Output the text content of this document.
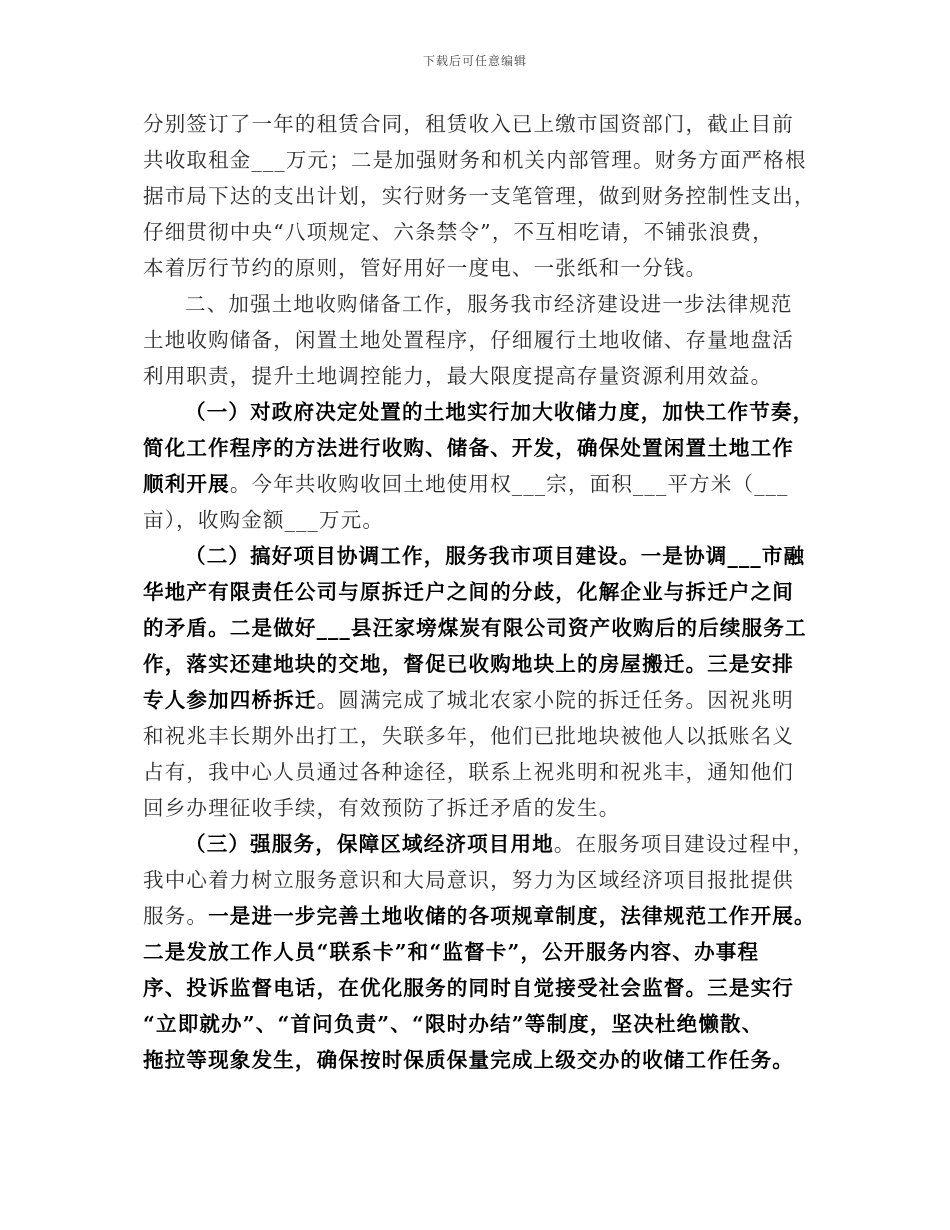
下载后可任意编辑
分别签订了一年的租赁合同，租赁收入已上缴市国资部门，截止目前
共收取租金___万元；二是加强财务和机关内部管理。财务方面严格根
据市局下达的支出计划，实行财务一支笔管理，做到财务控制性支出，
仔细贯彻中央“八项规定、六条禁令”，不互相吃请，不铺张浪费，
本着厉行节约的原则，管好用好一度电、一张纸和一分钱。
二、加强土地收购储备工作，服务我市经济建设进一步法律规范
土地收购储备，闲置土地处置程序，仔细履行土地收储、存量地盘活
利用职责，提升土地调控能力，最大限度提高存量资源利用效益。
（一）对政府决定处置的土地实行加大收储力度，加快工作节奏，
简化工作程序的方法进行收购、储备、开发，确保处置闲置土地工作
顺利开展。今年共收购收回土地使用权___宗，面积___平方米（___
亩），收购金额___万元。
（二）搞好项目协调工作，服务我市项目建设。一是协调___市融
华地产有限责任公司与原拆迁户之间的分歧，化解企业与拆迁户之间
的矛盾。二是做好___县汪家塝煤炭有限公司资产收购后的后续服务工
作，落实还建地块的交地，督促已收购地块上的房屋搬迁。三是安排
专人参加四桥拆迁。圆满完成了城北农家小院的拆迁任务。因祝兆明
和祝兆丰长期外出打工，失联多年，他们已批地块被他人以抵账名义
占有，我中心人员通过各种途径，联系上祝兆明和祝兆丰，通知他们
回乡办理征收手续，有效预防了拆迁矛盾的发生。
（三）强服务，保障区域经济项目用地。在服务项目建设过程中，
我中心着力树立服务意识和大局意识，努力为区域经济项目报批提供
服务。一是进一步完善土地收储的各项规章制度，法律规范工作开展。
二是发放工作人员“联系卡”和“监督卡”，公开服务内容、办事程
序、投诉监督电话，在优化服务的同时自觉接受社会监督。三是实行
“立即就办”、“首问负责”、“限时办结”等制度，坚决杜绝懒散、
拖拉等现象发生，确保按时保质保量完成上级交办的收储工作任务。
